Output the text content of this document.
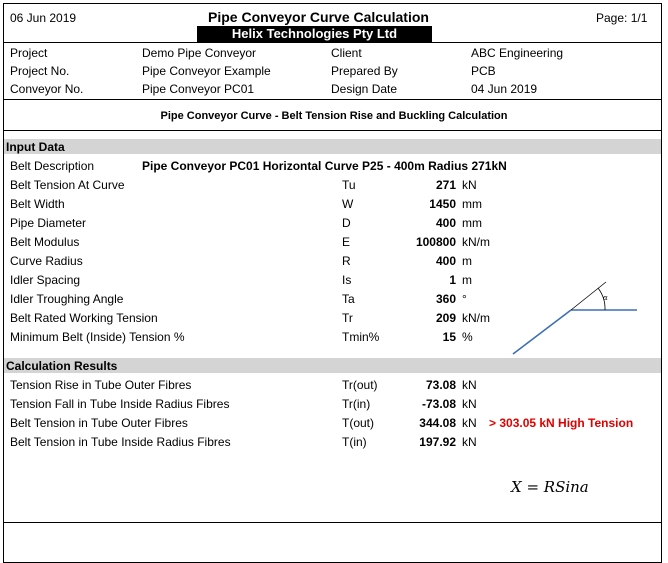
06 Jun 2019	Pipe Conveyor Curve Calculation	Page: 1/1
Helix Technologies Pty Ltd
Project	Demo Pipe Conveyor	Client	ABC Engineering
Project No.	Pipe Conveyor Example	Prepared By	PCB
Conveyor No.	Pipe Conveyor PC01	Design Date	04 Jun 2019
Pipe Conveyor Curve - Belt Tension Rise and Buckling Calculation
Input Data
Belt Description	Pipe Conveyor PC01 Horizontal Curve P25 - 400m Radius 271kN
Belt Tension At Curve	Tu	271 kN
Belt Width	W	1450 mm
Pipe Diameter	D	400 mm
Belt Modulus	E	100800 kN/m
Curve Radius	R	400 m
Idler Spacing	Is	1 m
Idler Troughing Angle	Ta	360 °
Belt Rated Working Tension	Tr	209 kN/m
Minimum Belt (Inside) Tension %	Tmin%	15 %
α
Calculation Results
Tension Rise in Tube Outer Fibres	Tr(out)	73.08 kN
Tension Fall in Tube Inside Radius Fibres	Tr(in)	-73.08 kN
Belt Tension in Tube Outer Fibres	T(out)	344.08 kN > 303.05 kN High Tension
Belt Tension in Tube Inside Radius Fibres	T(in)	197.92 kN
X = RSina
